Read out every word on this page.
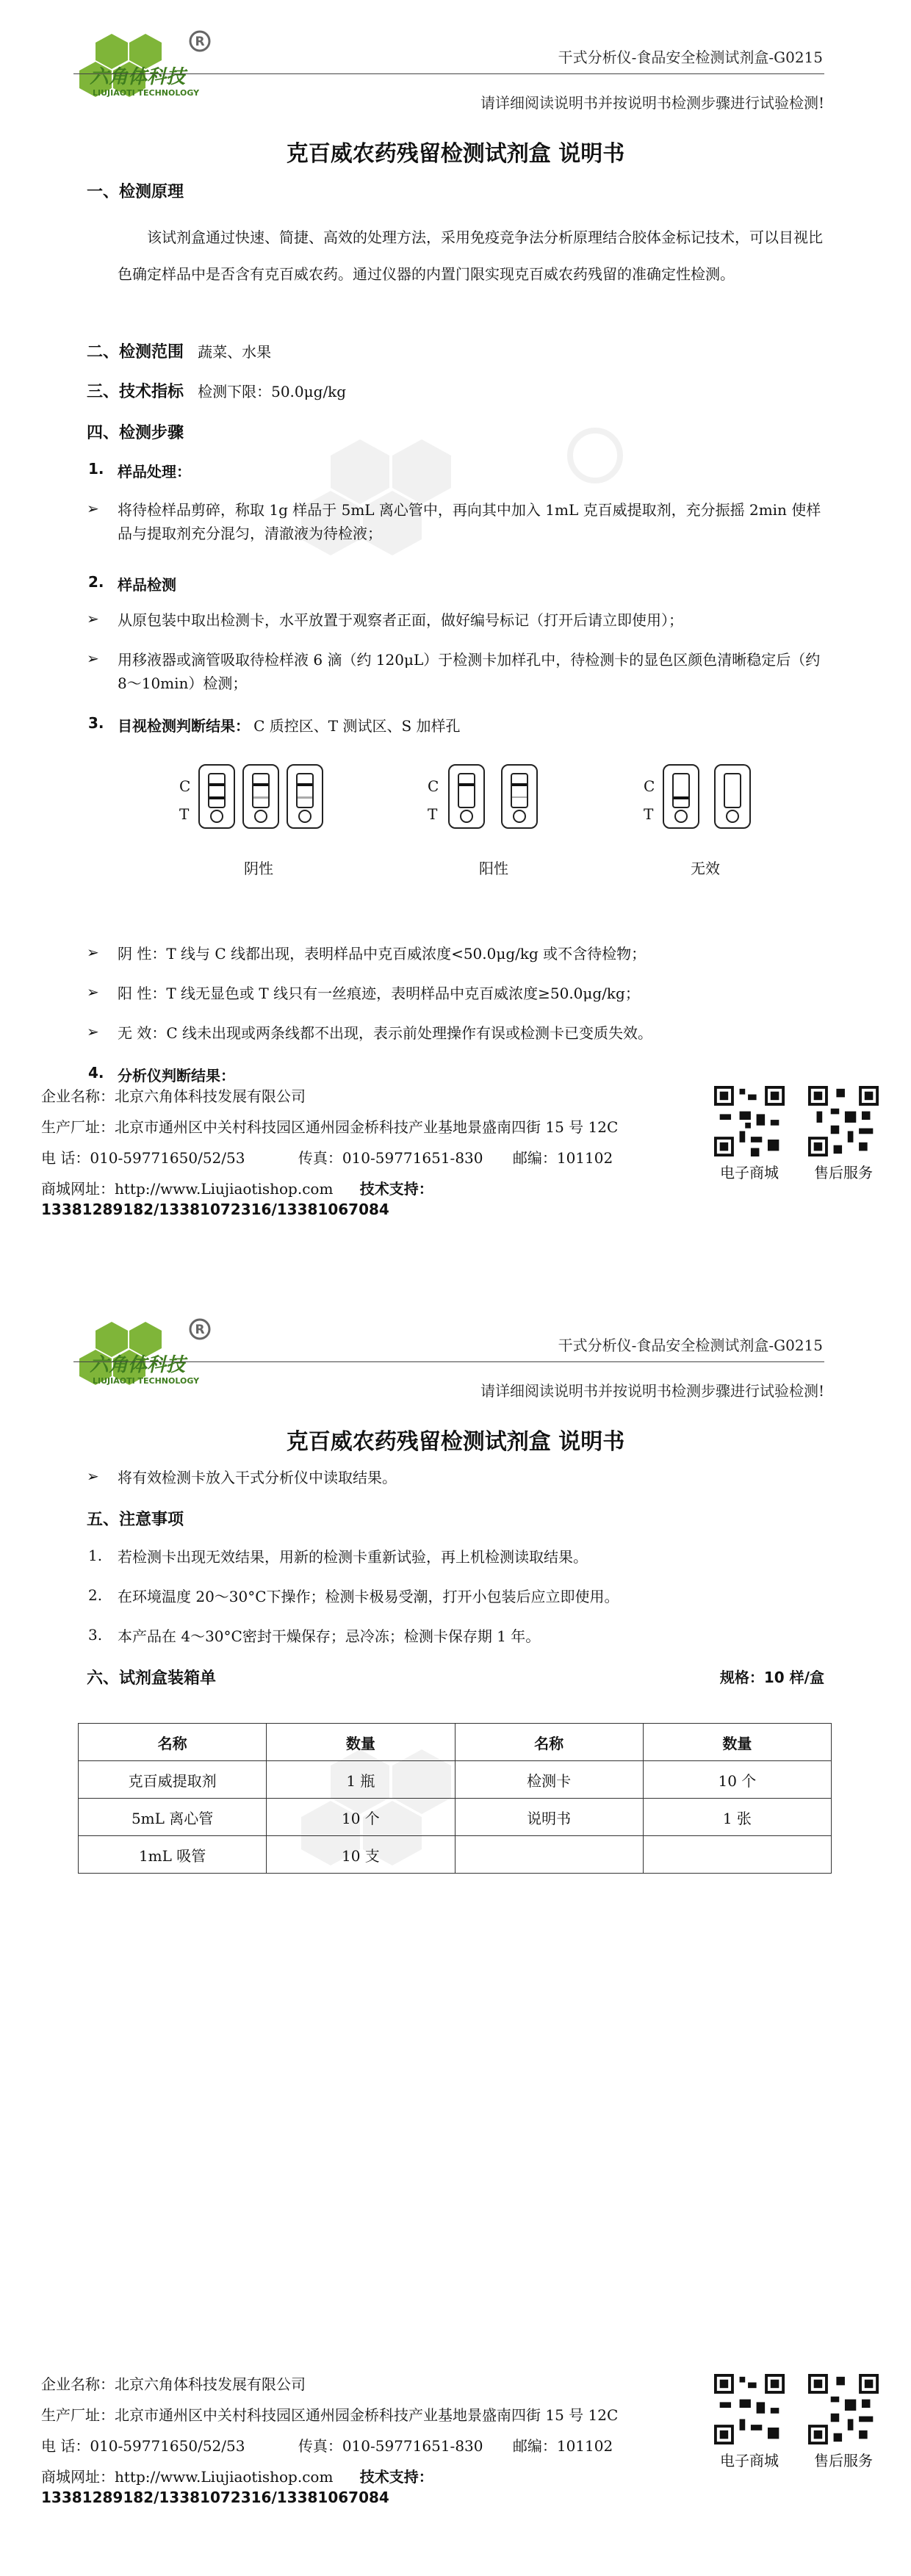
R
六角体科技
LIUJIAOTI TECHNOLOGY
干式分析仪-食品安全检测试剂盒-G0215
请详细阅读说明书并按说明书检测步骤进行试验检测!
克百威农药残留检测试剂盒 说明书
一、检测原理
该试剂盒通过快速、简捷、高效的处理方法，采用免疫竞争法分析原理结合胶体金标记技术，可以目视比色确定样品中是否含有克百威农药。通过仪器的内置门限实现克百威农药残留的准确定性检测。
二、检测范围 蔬菜、水果
三、技术指标 检测下限：50.0μg/kg
四、检测步骤
1. 样品处理：
➢ 将待检样品剪碎，称取 1g 样品于 5mL 离心管中，再向其中加入 1mL 克百威提取剂，充分振摇 2min 使样品与提取剂充分混匀，清澈液为待检液；
2. 样品检测
➢ 从原包装中取出检测卡，水平放置于观察者正面，做好编号标记（打开后请立即使用）；
➢ 用移液器或滴管吸取待检样液 6 滴（约 120μL）于检测卡加样孔中，待检测卡的显色区颜色清晰稳定后（约 8～10min）检测；
3. 目视检测判断结果： C 质控区、T 测试区、S 加样孔
C
T
阴性
C
T
阳性
C
T
无效
➢ 阴 性：T 线与 C 线都出现，表明样品中克百威浓度<50.0μg/kg 或不含待检物；
➢ 阳 性：T 线无显色或 T 线只有一丝痕迹，表明样品中克百威浓度≥50.0μg/kg；
➢ 无 效：C 线未出现或两条线都不出现，表示前处理操作有误或检测卡已变质失效。
4. 分析仪判断结果：
企业名称：北京六角体科技发展有限公司
生产厂址：北京市通州区中关村科技园区通州园金桥科技产业基地景盛南四街 15 号 12C
电 话：010-59771650/52/53	传真：010-59771651-830 邮编：101102
商城网址：http://www.Liujiaotishop.com 技术支持：13381289182/13381072316/13381067084
电子商城	售后服务
R
六角体科技
LIUJIAOTI TECHNOLOGY
干式分析仪-食品安全检测试剂盒-G0215
请详细阅读说明书并按说明书检测步骤进行试验检测!
克百威农药残留检测试剂盒 说明书
➢ 将有效检测卡放入干式分析仪中读取结果。
五、注意事项
1. 若检测卡出现无效结果，用新的检测卡重新试验，再上机检测读取结果。
2. 在环境温度 20～30°C下操作；检测卡极易受潮，打开小包装后应立即使用。
3. 本产品在 4～30°C密封干燥保存；忌冷冻；检测卡保存期 1 年。
六、试剂盒装箱单	规格：10 样/盒
企业名称：北京六角体科技发展有限公司
生产厂址：北京市通州区中关村科技园区通州园金桥科技产业基地景盛南四街 15 号 12C
电 话：010-59771650/52/53	传真：010-59771651-830 邮编：101102
商城网址：http://www.Liujiaotishop.com 技术支持：13381289182/13381072316/13381067084
电子商城	售后服务
名称	数量	名称	数量
克百威提取剂	1 瓶	检测卡	10 个
5mL 离心管	10 个	说明书	1 张
1mL 吸管	10 支		
